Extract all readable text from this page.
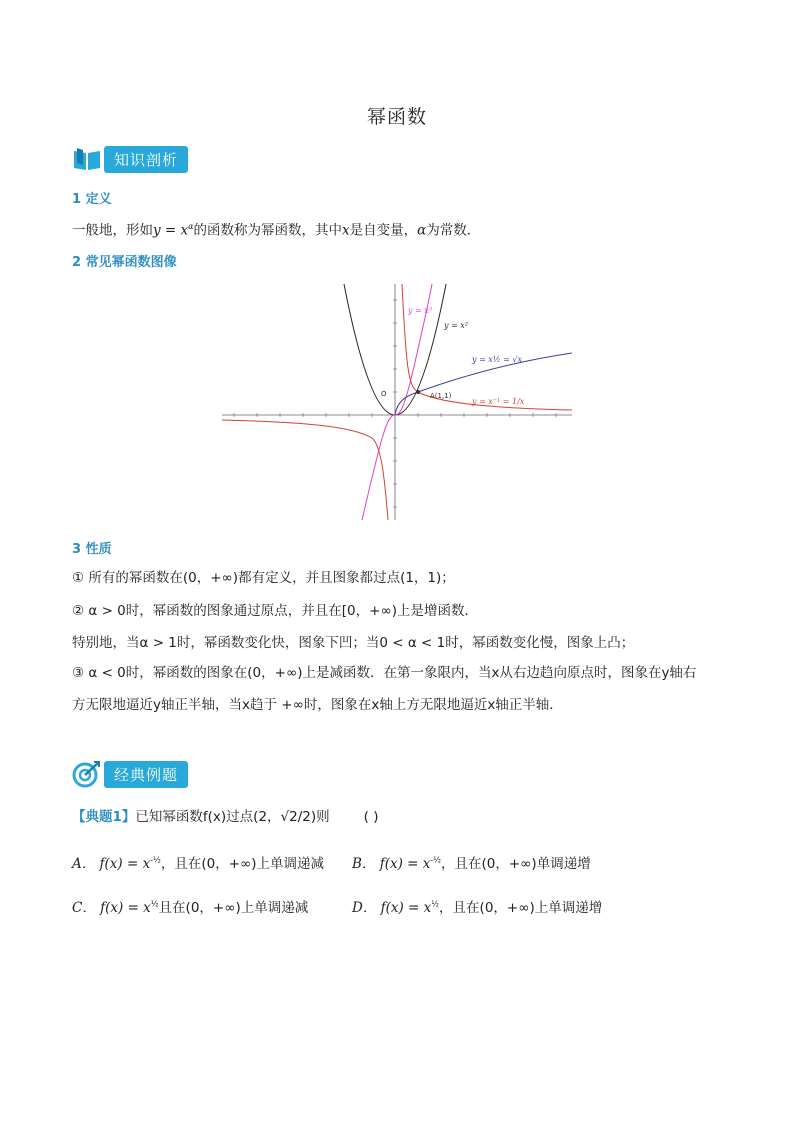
幂函数
知识剖析
1 定义
一般地，形如$y = x^\alpha$的函数称为幂函数，其中x是自变量，α为常数．
2 常见幂函数图像
A(1,1)
O
y = x³
y = x²
y = x½ = √x
y = x⁻¹ = 1/x
3 性质
① 所有的幂函数在(0，+∞)都有定义，并且图象都过点(1，1)；
② α > 0时，幂函数的图象通过原点，并且在[0，+∞)上是增函数．
特别地，当α > 1时，幂函数变化快，图象下凹；当0 < α < 1时，幂函数变化慢，图象上凸；
③ α < 0时，幂函数的图象在(0，+∞)上是减函数．在第一象限内，当x从右边趋向原点时，图象在y轴右
方无限地逼近y轴正半轴，当x趋于 +∞时，图象在x轴上方无限地逼近x轴正半轴．
经典例题
【典题1】已知幂函数f(x)过点(2，√2/2)则	( )
A． $f(x) = x^{-\frac{1}{2}}$，且在(0，+∞)上单调递减 B． $f(x) = x^{-\frac{1}{2}}$，且在(0，+∞)单调递增
C． $f(x) = x^{\frac{1}{2}}$且在(0，+∞)上单调递减	D． $f(x) = x^{\frac{1}{2}}$，且在(0，+∞)上单调递增
